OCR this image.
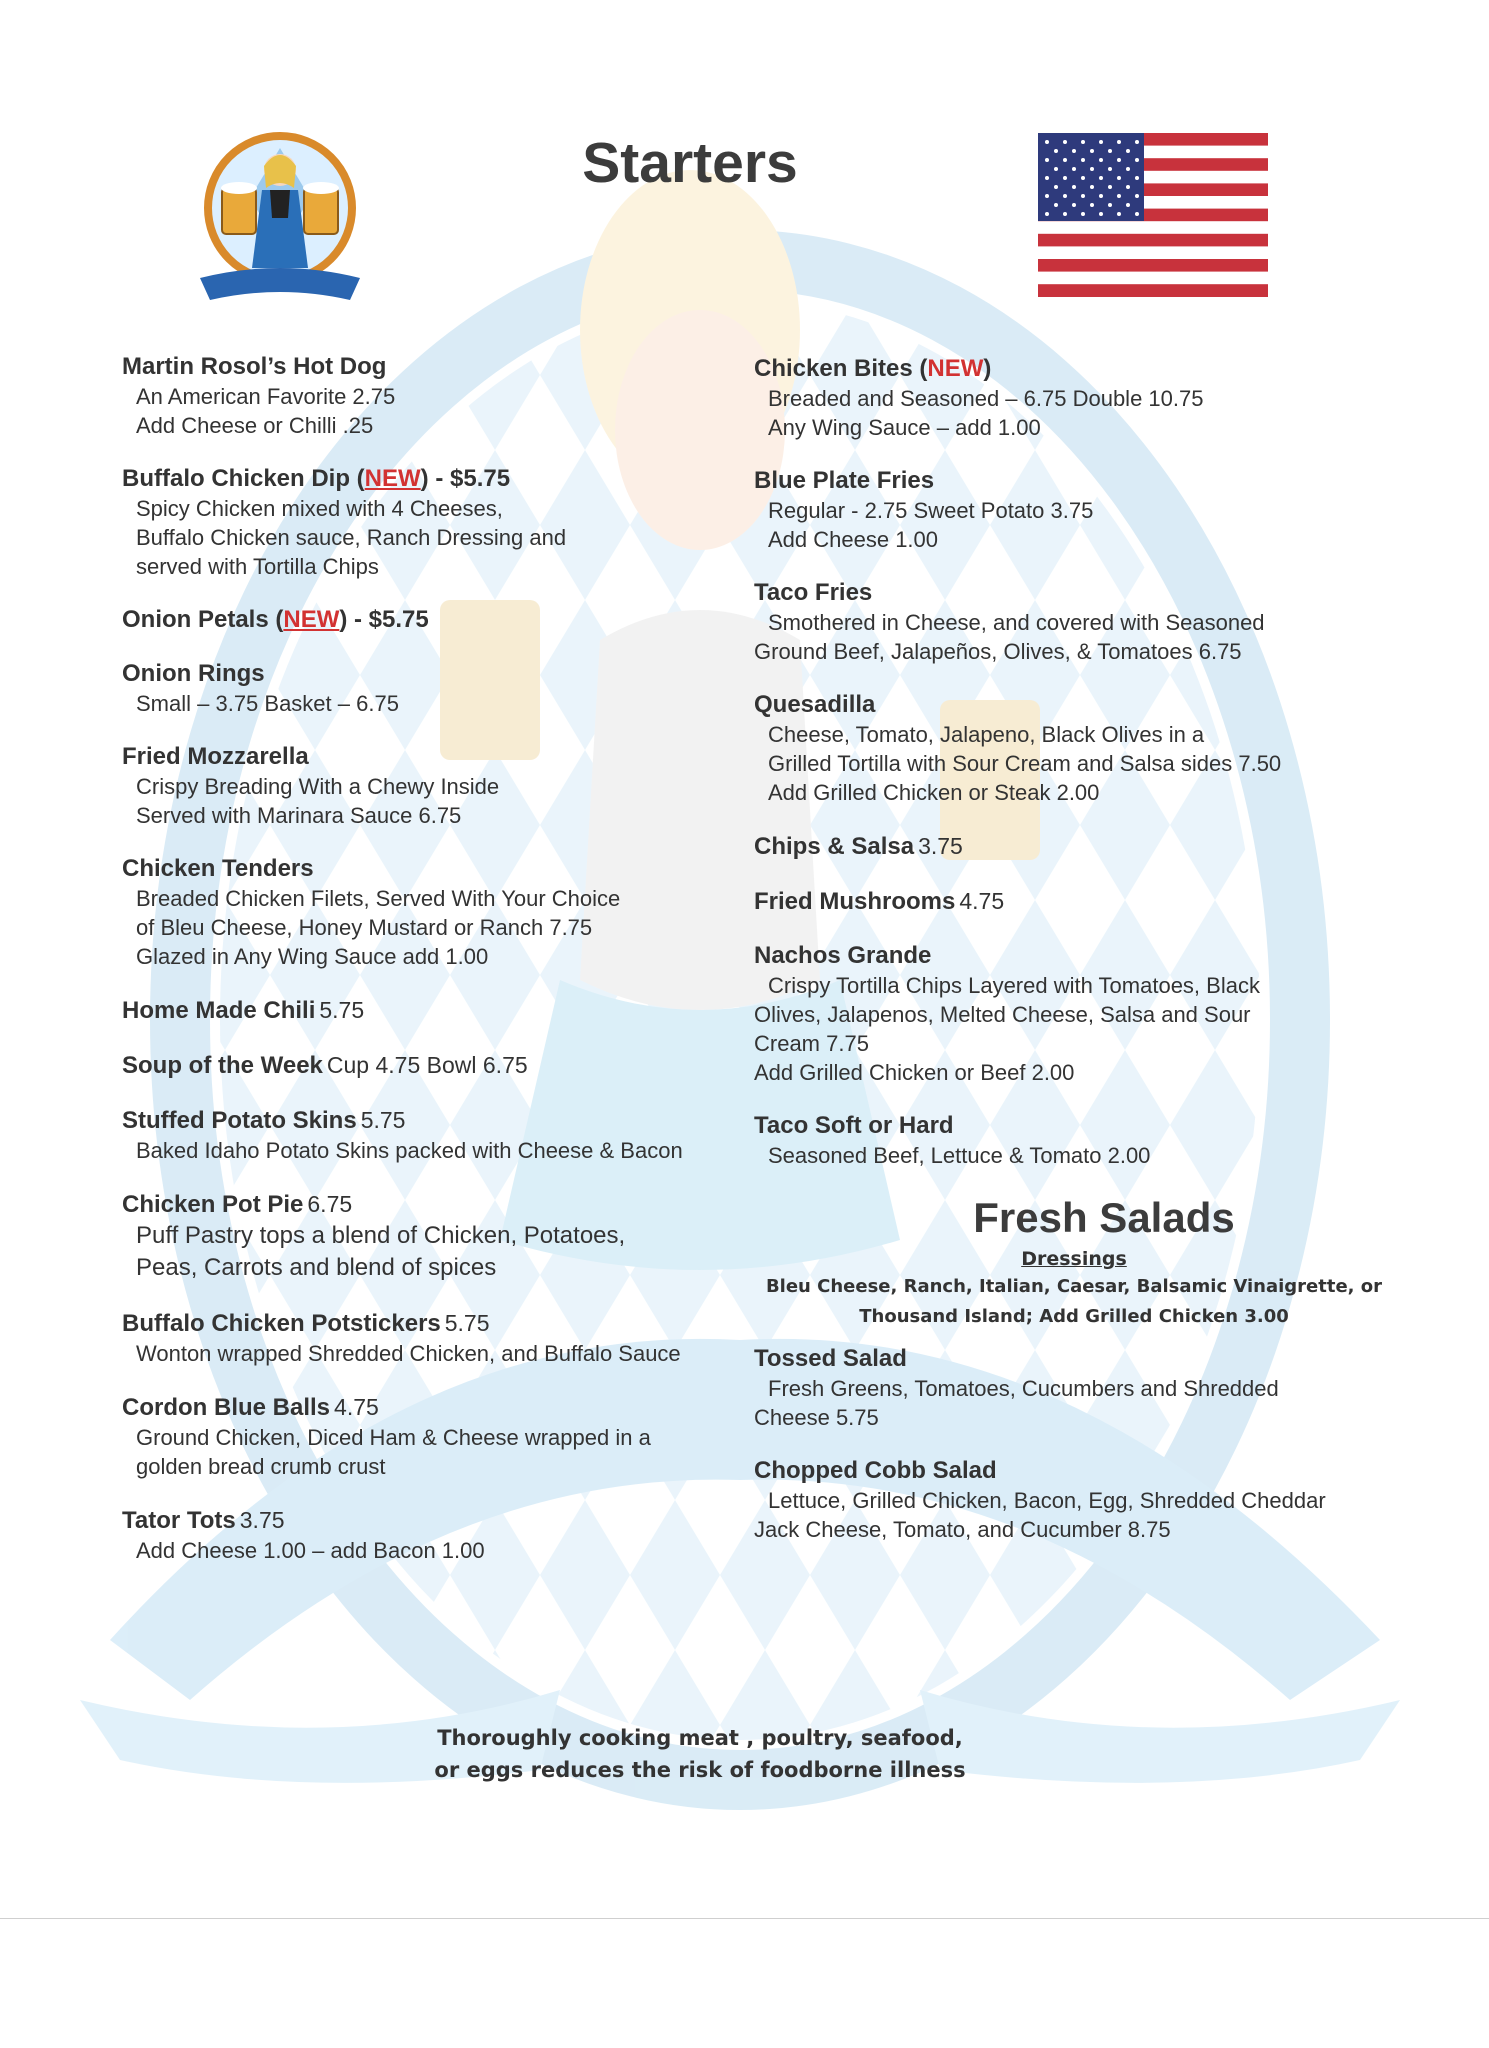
Starters
Martin Rosol’s Hot Dog
An American Favorite 2.75
Add Cheese or Chilli .25
Buffalo Chicken Dip (NEW) - $5.75
Spicy Chicken mixed with 4 Cheeses,
Buffalo Chicken sauce, Ranch Dressing and
served with Tortilla Chips
Onion Petals (NEW) - $5.75
Onion Rings
Small – 3.75 Basket – 6.75
Fried Mozzarella
Crispy Breading With a Chewy Inside
Served with Marinara Sauce 6.75
Chicken Tenders
Breaded Chicken Filets, Served With Your Choice
of Bleu Cheese, Honey Mustard or Ranch 7.75
Glazed in Any Wing Sauce add 1.00
Home Made Chili 5.75
Soup of the Week Cup 4.75 Bowl 6.75
Stuffed Potato Skins 5.75
Baked Idaho Potato Skins packed with Cheese & Bacon
Chicken Pot Pie 6.75
Puff Pastry tops a blend of Chicken, Potatoes,
Peas, Carrots and blend of spices
Buffalo Chicken Potstickers 5.75
Wonton wrapped Shredded Chicken, and Buffalo Sauce
Cordon Blue Balls 4.75
Ground Chicken, Diced Ham & Cheese wrapped in a
golden bread crumb crust
Tator Tots 3.75
Add Cheese 1.00 – add Bacon 1.00
Chicken Bites (NEW)
Breaded and Seasoned – 6.75 Double 10.75
Any Wing Sauce – add 1.00
Blue Plate Fries
Regular - 2.75 Sweet Potato 3.75
Add Cheese 1.00
Taco Fries
Smothered in Cheese, and covered with Seasoned
Ground Beef, Jalapeños, Olives, & Tomatoes 6.75
Quesadilla
Cheese, Tomato, Jalapeno, Black Olives in a
Grilled Tortilla with Sour Cream and Salsa sides 7.50
Add Grilled Chicken or Steak 2.00
Chips & Salsa 3.75
Fried Mushrooms 4.75
Nachos Grande
Crispy Tortilla Chips Layered with Tomatoes, Black
Olives, Jalapenos, Melted Cheese, Salsa and Sour
Cream 7.75
Add Grilled Chicken or Beef 2.00
Taco Soft or Hard
Seasoned Beef, Lettuce & Tomato 2.00
Fresh Salads
Dressings
Bleu Cheese, Ranch, Italian, Caesar, Balsamic Vinaigrette, or
Thousand Island; Add Grilled Chicken 3.00
Tossed Salad
Fresh Greens, Tomatoes, Cucumbers and Shredded
Cheese 5.75
Chopped Cobb Salad
Lettuce, Grilled Chicken, Bacon, Egg, Shredded Cheddar
Jack Cheese, Tomato, and Cucumber 8.75
Thoroughly cooking meat , poultry, seafood,
or eggs reduces the risk of foodborne illness
